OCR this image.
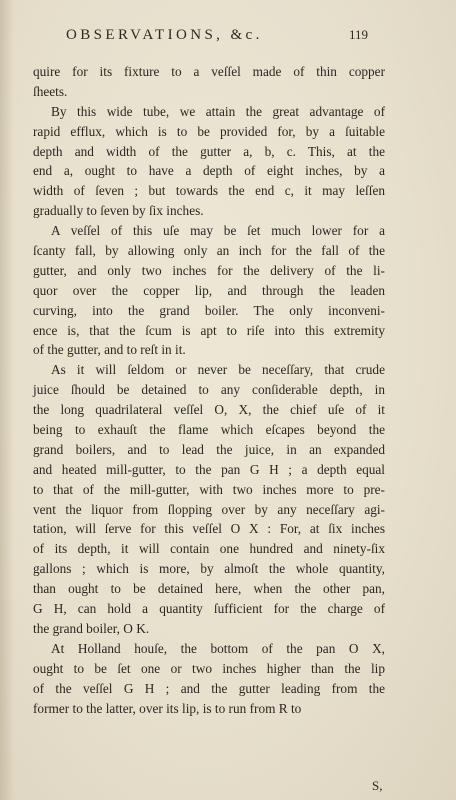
OBSERVATIONS, &c.	119
quire for its fixture to a veſſel made of thin copper
ſheets.
By this wide tube, we attain the great advantage of
rapid efflux, which is to be provided for, by a ſuitable
depth and width of the gutter a, b, c. This, at the
end a, ought to have a depth of eight inches, by a
width of ſeven ; but towards the end c, it may leſſen
gradually to ſeven by ſix inches.
A veſſel of this uſe may be ſet much lower for a
ſcanty fall, by allowing only an inch for the fall of the
gutter, and only two inches for the delivery of the li-
quor over the copper lip, and through the leaden
curving, into the grand boiler. The only inconveni-
ence is, that the ſcum is apt to riſe into this extremity
of the gutter, and to reſt in it.
As it will ſeldom or never be neceſſary, that crude
juice ſhould be detained to any conſiderable depth, in
the long quadrilateral veſſel O, X, the chief uſe of it
being to exhauſt the flame which eſcapes beyond the
grand boilers, and to lead the juice, in an expanded
and heated mill-gutter, to the pan G H ; a depth equal
to that of the mill-gutter, with two inches more to pre-
vent the liquor from ſlopping over by any neceſſary agi-
tation, will ſerve for this veſſel O X : For, at ſix inches
of its depth, it will contain one hundred and ninety-ſix
gallons ; which is more, by almoſt the whole quantity,
than ought to be detained here, when the other pan,
G H, can hold a quantity ſufficient for the charge of
the grand boiler, O K.
At Holland houſe, the bottom of the pan O X,
ought to be ſet one or two inches higher than the lip
of the veſſel G H ; and the gutter leading from the
former to the latter, over its lip, is to run from R to
S,
